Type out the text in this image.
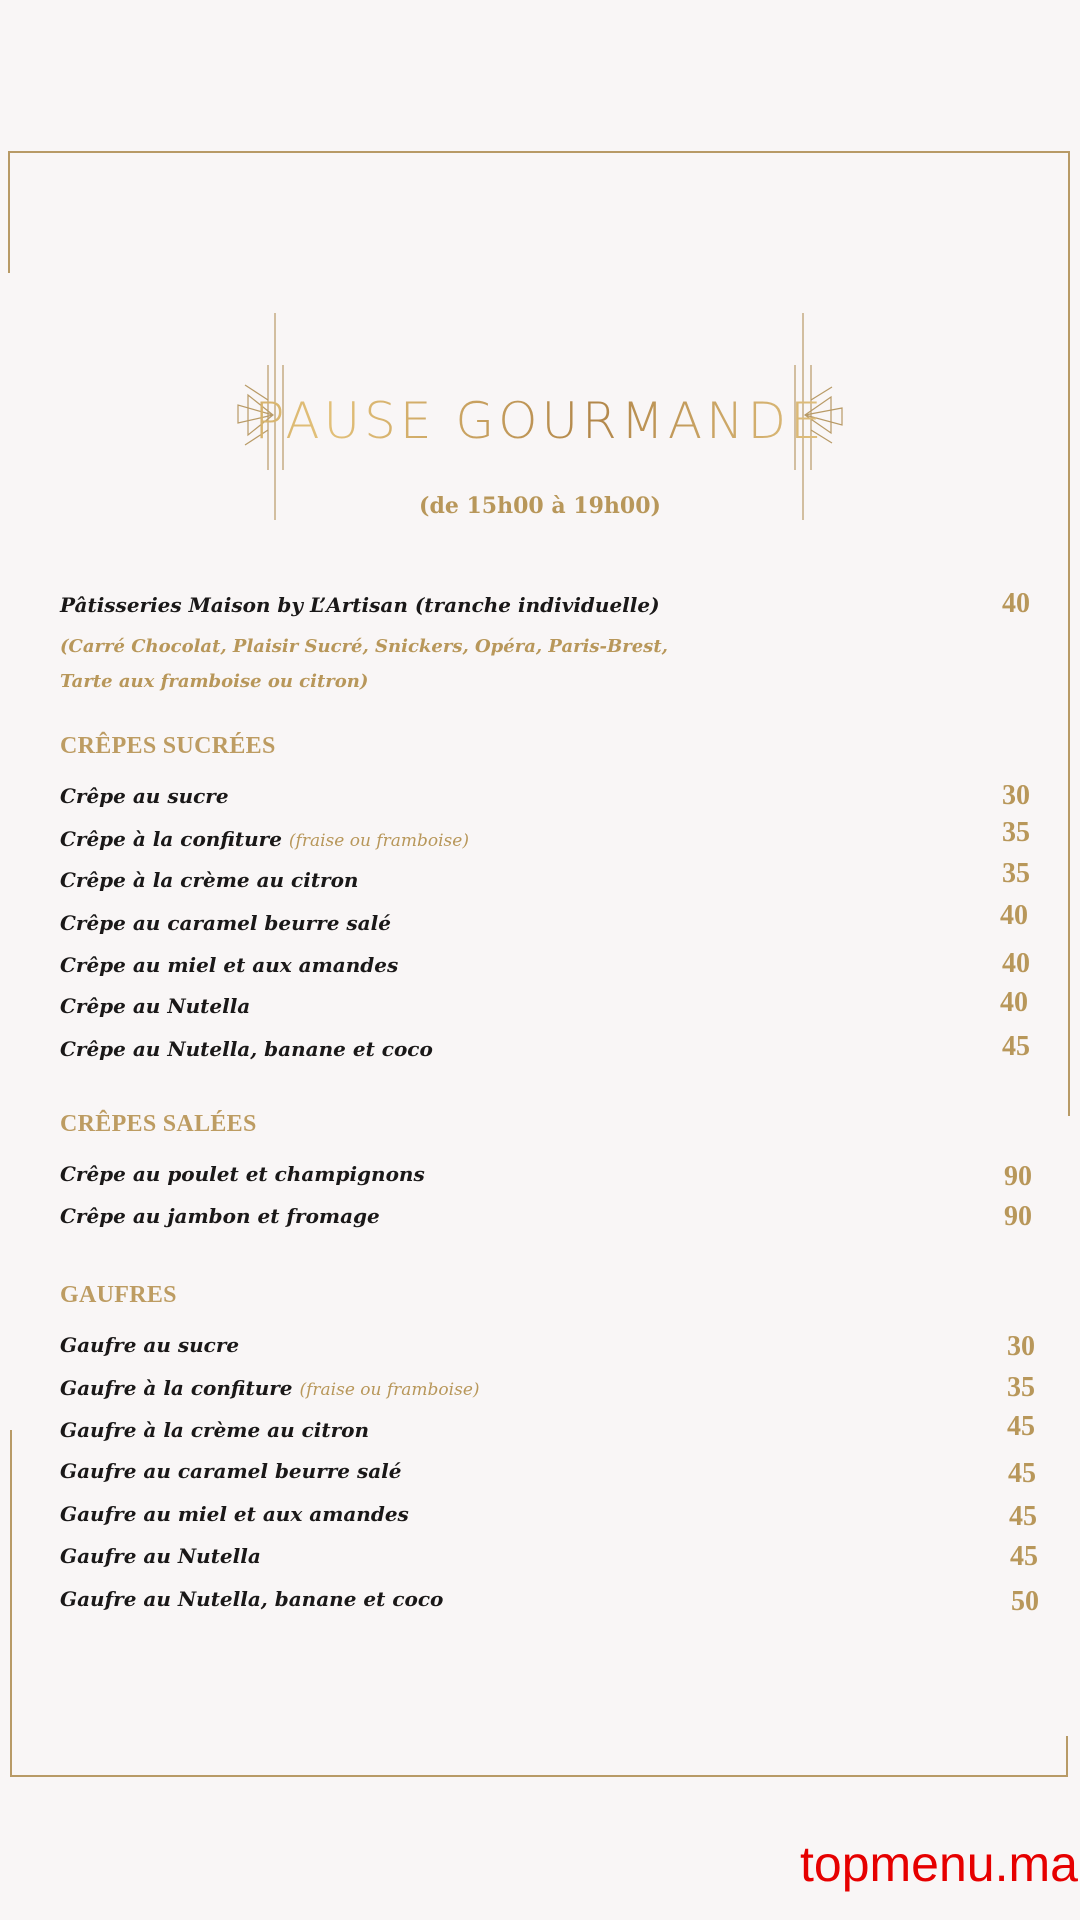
PAUSE GOURMANDE
(de 15h00 à 19h00)
Pâtisseries Maison by L’Artisan (tranche individuelle)	40
(Carré Chocolat, Plaisir Sucré, Snickers, Opéra, Paris-Brest,
Tarte aux framboise ou citron)
CRÊPES SUCRÉES
Crêpe au sucre	30
Crêpe à la confiture (fraise ou framboise)	35
Crêpe à la crème au citron	35
Crêpe au caramel beurre salé	40
Crêpe au miel et aux amandes	40
Crêpe au Nutella	40
Crêpe au Nutella, banane et coco	45
CRÊPES SALÉES
Crêpe au poulet et champignons	90
Crêpe au jambon et fromage	90
GAUFRES
Gaufre au sucre	30
Gaufre à la confiture (fraise ou framboise)	35
Gaufre à la crème au citron	45
Gaufre au caramel beurre salé	45
Gaufre au miel et aux amandes	45
Gaufre au Nutella	45
Gaufre au Nutella, banane et coco	50
topmenu.ma
